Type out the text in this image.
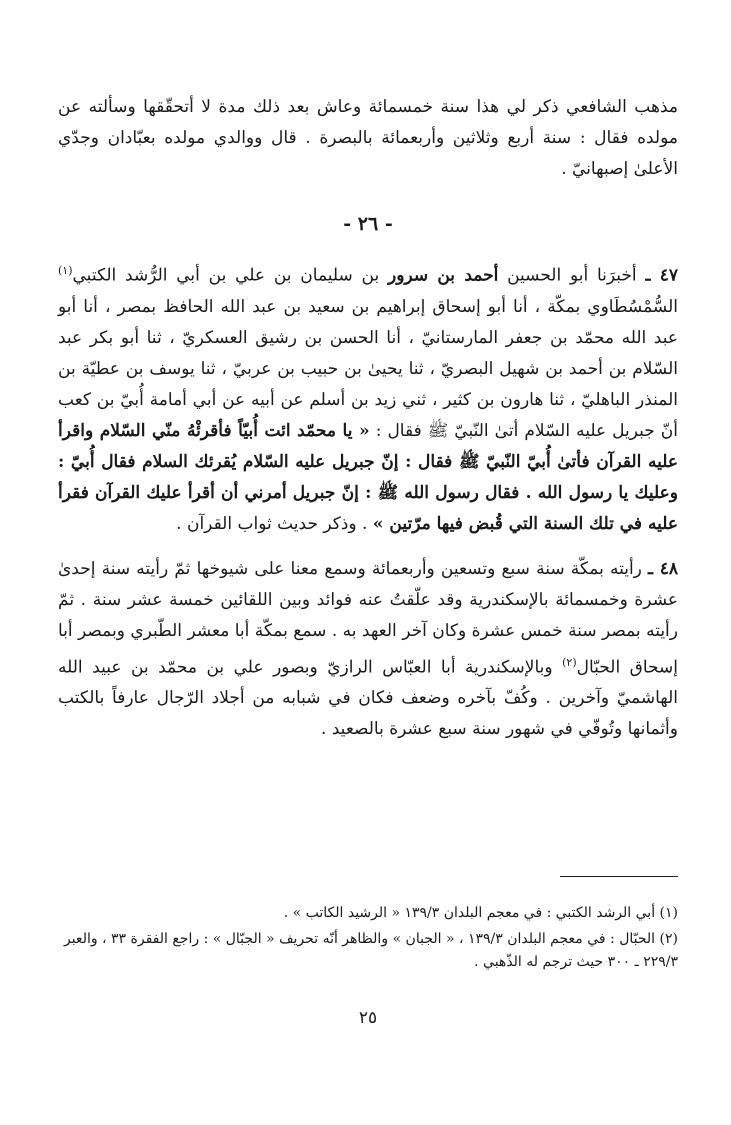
مذهب الشافعي ذكر لي هذا سنة خمسمائة وعاش بعد ذلك مدة لا أتحقّقها وسألته عن مولده فقال : سنة أربع وثلاثين وأربعمائة بالبصرة . قال ووالدي مولده بعبّادان وجدّي الأعلىٰ إصبهانيّ .

- ٢٦ -

٤٧ ـ أخبرَنا أبو الحسين أحمد بن سرور بن سليمان بن علي بن أبي الرُّشد الكتبي$^{(١)}$ السُّمْسُطَاوي بمكّة ، أنا أبو إسحاق إبراهيم بن سعيد بن عبد الله الحافظ بمصر ، أنا أبو عبد الله محمّد بن جعفر المارستانيّ ، أنا الحسن بن رشيق العسكريّ ، ثنا أبو بكر عبد السّلام بن أحمد بن شهيل البصريّ ، ثنا يحيىٰ بن حبيب بن عربيّ ، ثنا يوسف بن عطيّة بن المنذر الباهليّ ، ثنا هارون بن كثير ، ثني زيد بن أسلم عن أبيه عن أبي أمامة أُبيّ بن كعب أنّ جبريل عليه السّلام أتىٰ النّبيّ ﷺ فقال : « يا محمّد ائت أُبيّاً فأقرئْهُ منّي السّلام واقرأ عليه القرآن فأتىٰ أُبيّ النّبيّ ﷺ فقال : إنّ جبريل عليه السّلام يُقرئك السلام فقال أُبيّ : وعليك يا رسول الله . فقال رسول الله ﷺ : إنّ جبريل أمرني أن أقرأ عليك القرآن فقرأ عليه في تلك السنة التي قُبض فيها مرّتين » . وذكر حديث ثواب القرآن .

٤٨ ـ رأيته بمكّة سنة سبع وتسعين وأربعمائة وسمع معنا على شيوخها ثمّ رأيته سنة إحدىٰ عشرة وخمسمائة بالإسكندرية وقد علّقتُ عنه فوائد وبين اللقائين خمسة عشر سنة . ثمّ رأيته بمصر سنة خمس عشرة وكان آخر العهد به . سمع بمكّة أبا معشر الطّبري وبمصر أبا إسحاق الحبّال$^{(٢)}$ وبالإسكندرية أبا العبّاس الرازيّ وبصور علي بن محمّد بن عبيد الله الهاشميّ وآخرين . وكُفّ بآخره وضعف فكان في شبابه من أجلاد الرّجال عارفاً بالكتب وأثمانها وتُوفّي في شهور سنة سبع عشرة بالصعيد .

(١) أبي الرشد الكتبي : في معجم البلدان ١٣٩/٣ « الرشيد الكاتب » .

(٢) الحبّال : في معجم البلدان ١٣٩/٣ ، « الجبان » والظاهر أنّه تحريف « الجبّال » : راجع الفقرة ٣٣ ، والعبر ٢٢٩/٣ ـ ٣٠٠ حيث ترجم له الذّهبي .

٢٥
